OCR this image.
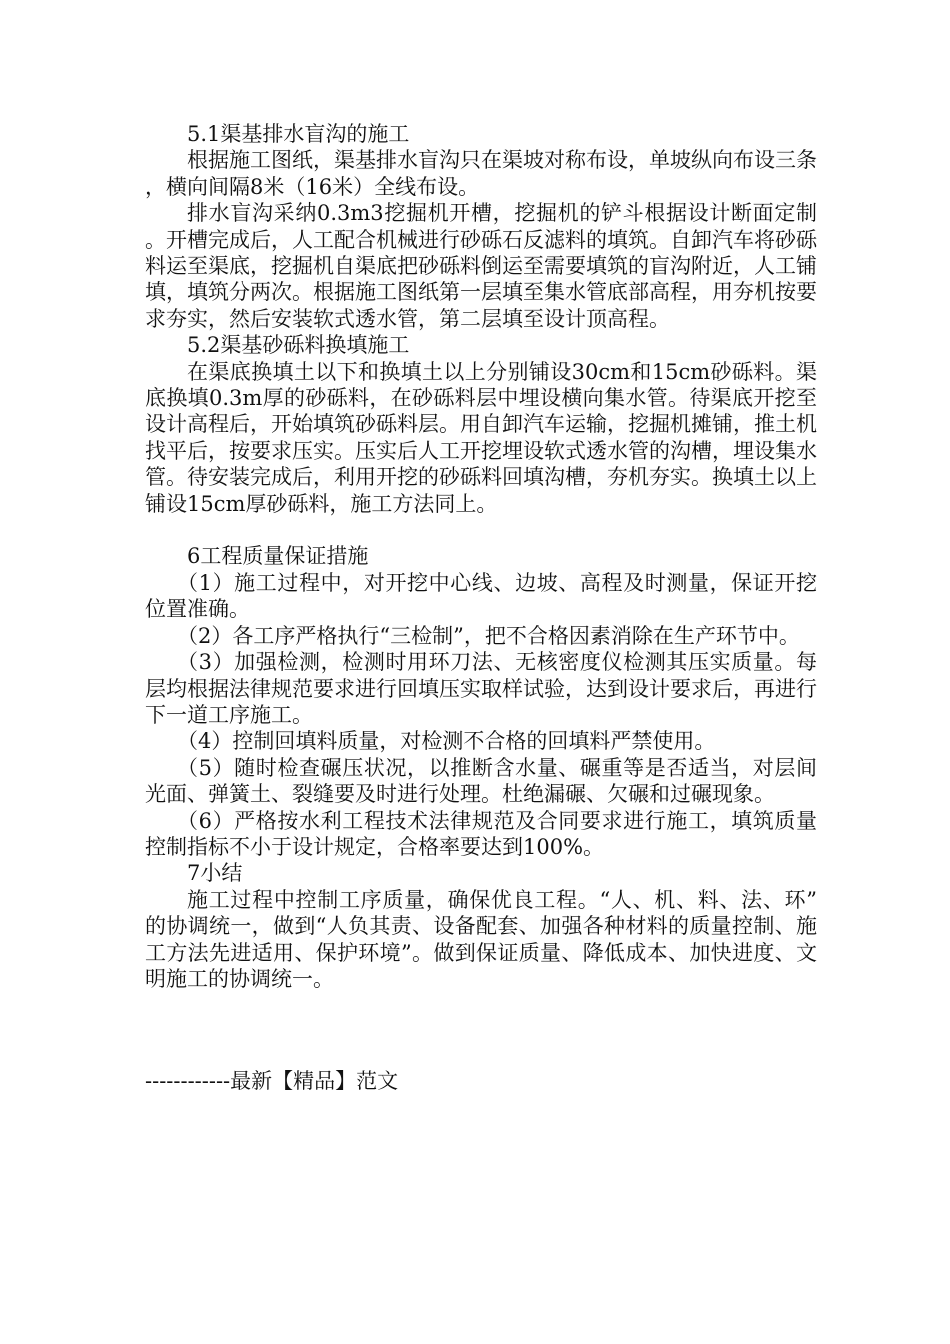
5.1渠基排水盲沟的施工

根据施工图纸，渠基排水盲沟只在渠坡对称布设，单坡纵向布设三条，横向间隔8米（16米）全线布设。

排水盲沟采纳0.3m3挖掘机开槽，挖掘机的铲斗根据设计断面定制。开槽完成后，人工配合机械进行砂砾石反滤料的填筑。自卸汽车将砂砾料运至渠底，挖掘机自渠底把砂砾料倒运至需要填筑的盲沟附近，人工铺填，填筑分两次。根据施工图纸第一层填至集水管底部高程，用夯机按要求夯实，然后安装软式透水管，第二层填至设计顶高程。

5.2渠基砂砾料换填施工

在渠底换填土以下和换填土以上分别铺设30cm和15cm砂砾料。渠底换填0.3m厚的砂砾料，在砂砾料层中埋设横向集水管。待渠底开挖至设计高程后，开始填筑砂砾料层。用自卸汽车运输，挖掘机摊铺，推土机找平后，按要求压实。压实后人工开挖埋设软式透水管的沟槽，埋设集水管。待安装完成后，利用开挖的砂砾料回填沟槽，夯机夯实。换填土以上铺设15cm厚砂砾料，施工方法同上。

6工程质量保证措施

（1）施工过程中，对开挖中心线、边坡、高程及时测量，保证开挖位置准确。

（2）各工序严格执行“三检制”，把不合格因素消除在生产环节中。

（3）加强检测，检测时用环刀法、无核密度仪检测其压实质量。每层均根据法律规范要求进行回填压实取样试验，达到设计要求后，再进行下一道工序施工。

（4）控制回填料质量，对检测不合格的回填料严禁使用。

（5）随时检查碾压状况，以推断含水量、碾重等是否适当，对层间光面、弹簧土、裂缝要及时进行处理。杜绝漏碾、欠碾和过碾现象。

（6）严格按水利工程技术法律规范及合同要求进行施工，填筑质量控制指标不小于设计规定，合格率要达到100%。

7小结

施工过程中控制工序质量，确保优良工程。“人、机、料、法、环”的协调统一，做到“人负其责、设备配套、加强各种材料的质量控制、施工方法先进适用、保护环境”。做到保证质量、降低成本、加快进度、文明施工的协调统一。

------------最新【精品】范文
